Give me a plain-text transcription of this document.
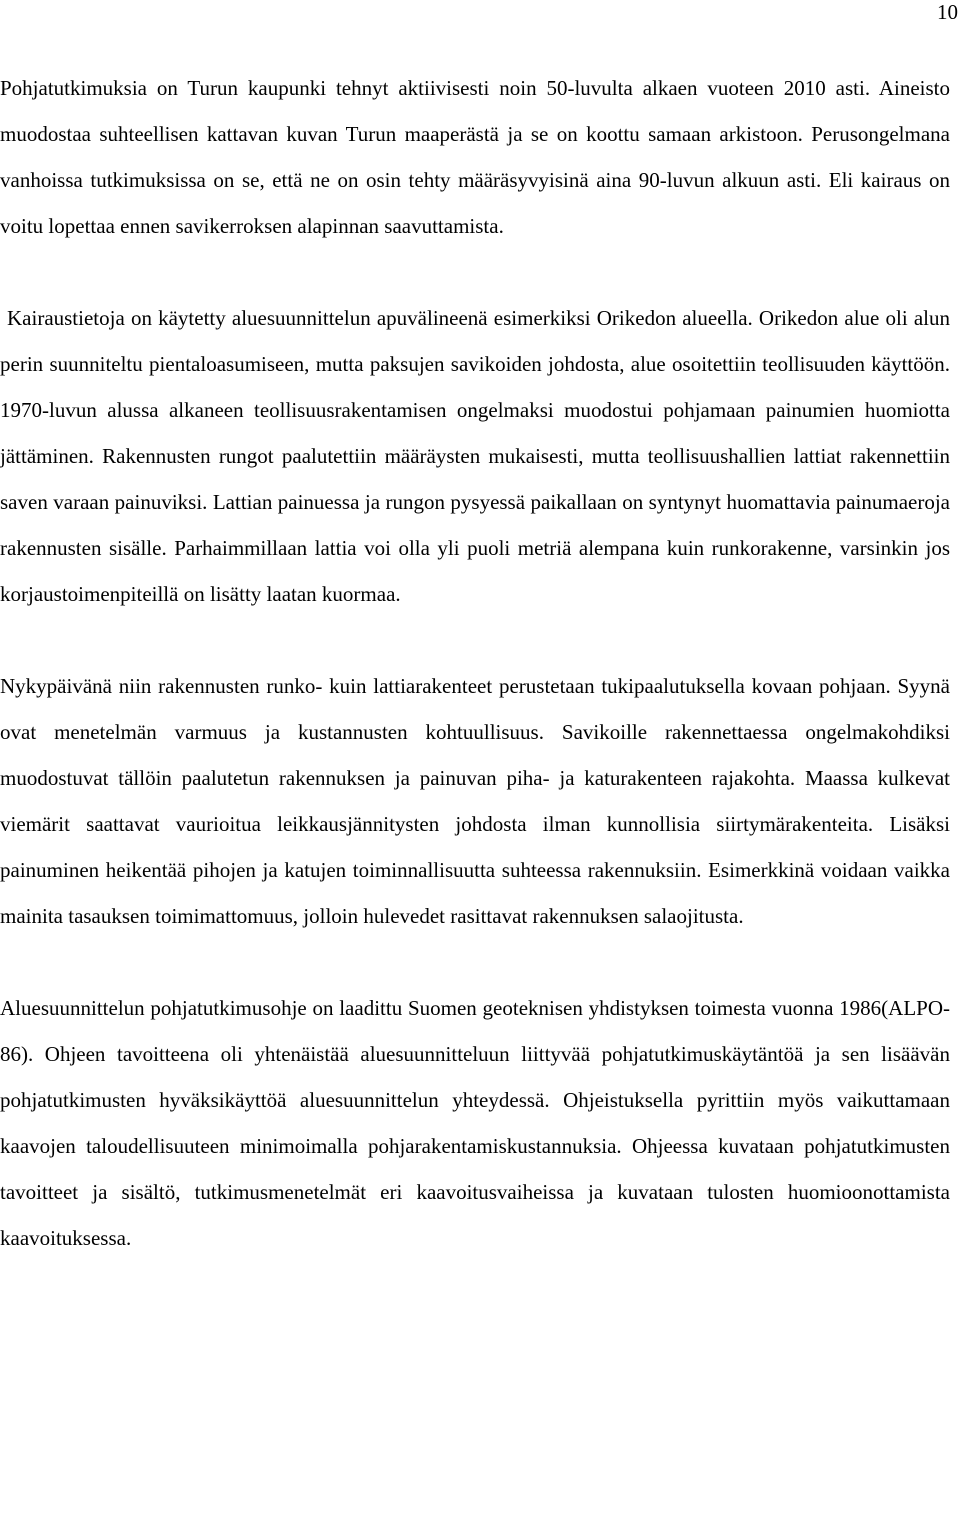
10

Pohjatutkimuksia on Turun kaupunki tehnyt aktiivisesti noin 50-luvulta alkaen vuoteen 2010 asti. Aineisto muodostaa suhteellisen kattavan kuvan Turun maaperästä ja se on koottu samaan arkistoon. Perusongelmana vanhoissa tutkimuksissa on se, että ne on osin tehty määräsyvyisinä aina 90-luvun alkuun asti. Eli kairaus on voitu lopettaa ennen savikerroksen alapinnan saavuttamista.

Kairaustietoja on käytetty aluesuunnittelun apuvälineenä esimerkiksi Orikedon alueella. Orikedon alue oli alun perin suunniteltu pientaloasumiseen, mutta paksujen savikoiden johdosta, alue osoitettiin teollisuuden käyttöön. 1970-luvun alussa alkaneen teollisuusrakentamisen ongelmaksi muodostui pohjamaan painumien huomiotta jättäminen. Rakennusten rungot paalutettiin määräysten mukaisesti, mutta teollisuushallien lattiat rakennettiin saven varaan painuviksi. Lattian painuessa ja rungon pysyessä paikallaan on syntynyt huomattavia painumaeroja rakennusten sisälle. Parhaimmillaan lattia voi olla yli puoli metriä alempana kuin runkorakenne, varsinkin jos korjaustoimenpiteillä on lisätty laatan kuormaa.

Nykypäivänä niin rakennusten runko- kuin lattiarakenteet perustetaan tukipaalutuksella kovaan pohjaan. Syynä ovat menetelmän varmuus ja kustannusten kohtuullisuus. Savikoille rakennettaessa ongelmakohdiksi muodostuvat tällöin paalutetun rakennuksen ja painuvan piha- ja katurakenteen rajakohta. Maassa kulkevat viemärit saattavat vaurioitua leikkausjännitysten johdosta ilman kunnollisia siirtymärakenteita. Lisäksi painuminen heikentää pihojen ja katujen toiminnallisuutta suhteessa rakennuksiin. Esimerkkinä voidaan vaikka mainita tasauksen toimimattomuus, jolloin hulevedet rasittavat rakennuksen salaojitusta.

Aluesuunnittelun pohjatutkimusohje on laadittu Suomen geoteknisen yhdistyksen toimesta vuonna 1986(ALPO-86). Ohjeen tavoitteena oli yhtenäistää aluesuunnitteluun liittyvää pohjatutkimuskäytäntöä ja sen lisäävän pohjatutkimusten hyväksikäyttöä aluesuunnittelun yhteydessä. Ohjeistuksella pyrittiin myös vaikuttamaan kaavojen taloudellisuuteen minimoimalla pohjarakentamiskustannuksia. Ohjeessa kuvataan pohjatutkimusten tavoitteet ja sisältö, tutkimusmenetelmät eri kaavoitusvaiheissa ja kuvataan tulosten huomioonottamista kaavoituksessa.
